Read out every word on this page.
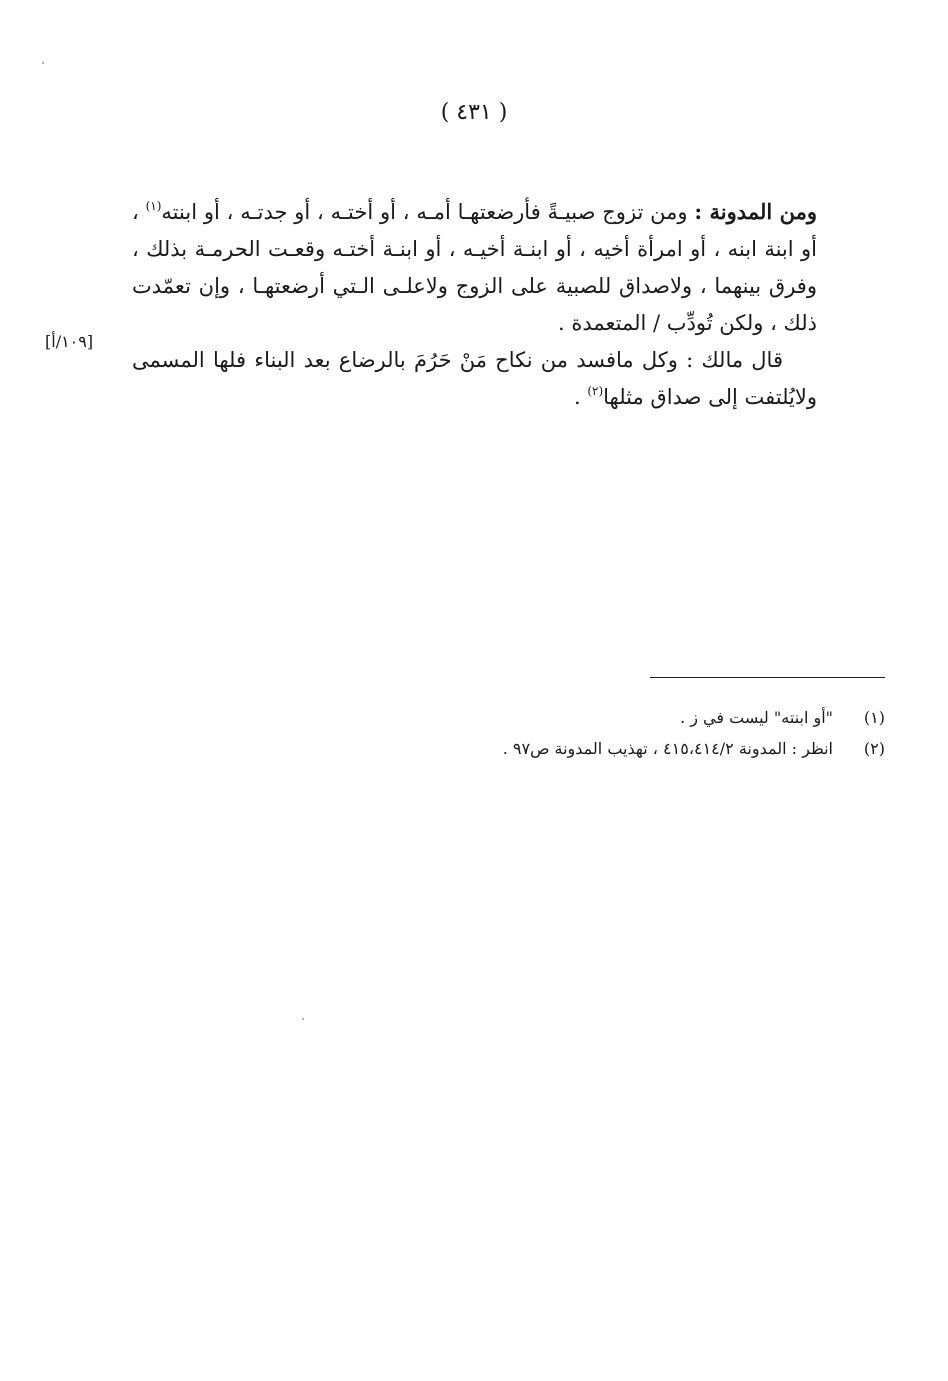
( ٤٣١ )

ومن المدونة : ومن تزوج صبيـةً فأرضعتهـا أمـه ، أو أختـه ، أو جدتـه ، أو ابنته$^{(١)}$ ، أو ابنة ابنه ، أو امرأة أخيه ، أو ابنـة أخيـه ، أو ابنـة أختـه وقعـت الحرمـة بذلك ، وفرق بينهما ، ولاصداق للصبية على الزوج ولاعلـى الـتي أرضعتهـا ، وإن تعمّدت ذلك ، ولكن تُودِّب / المتعمدة .

قال مالك : وكل مافسد من نكاح مَنْ حَرُمَ بالرضاع بعد البناء فلها المسمى ولايُلتفت إلى صداق مثلها$^{(٢)}$ .

[١٠٩/أ]
(١)
"أو ابنته" ليست في ز .
(٢)
انظر : المدونة ٤١٥،٤١٤/٢ ، تهذيب المدونة ص٩٧ .
